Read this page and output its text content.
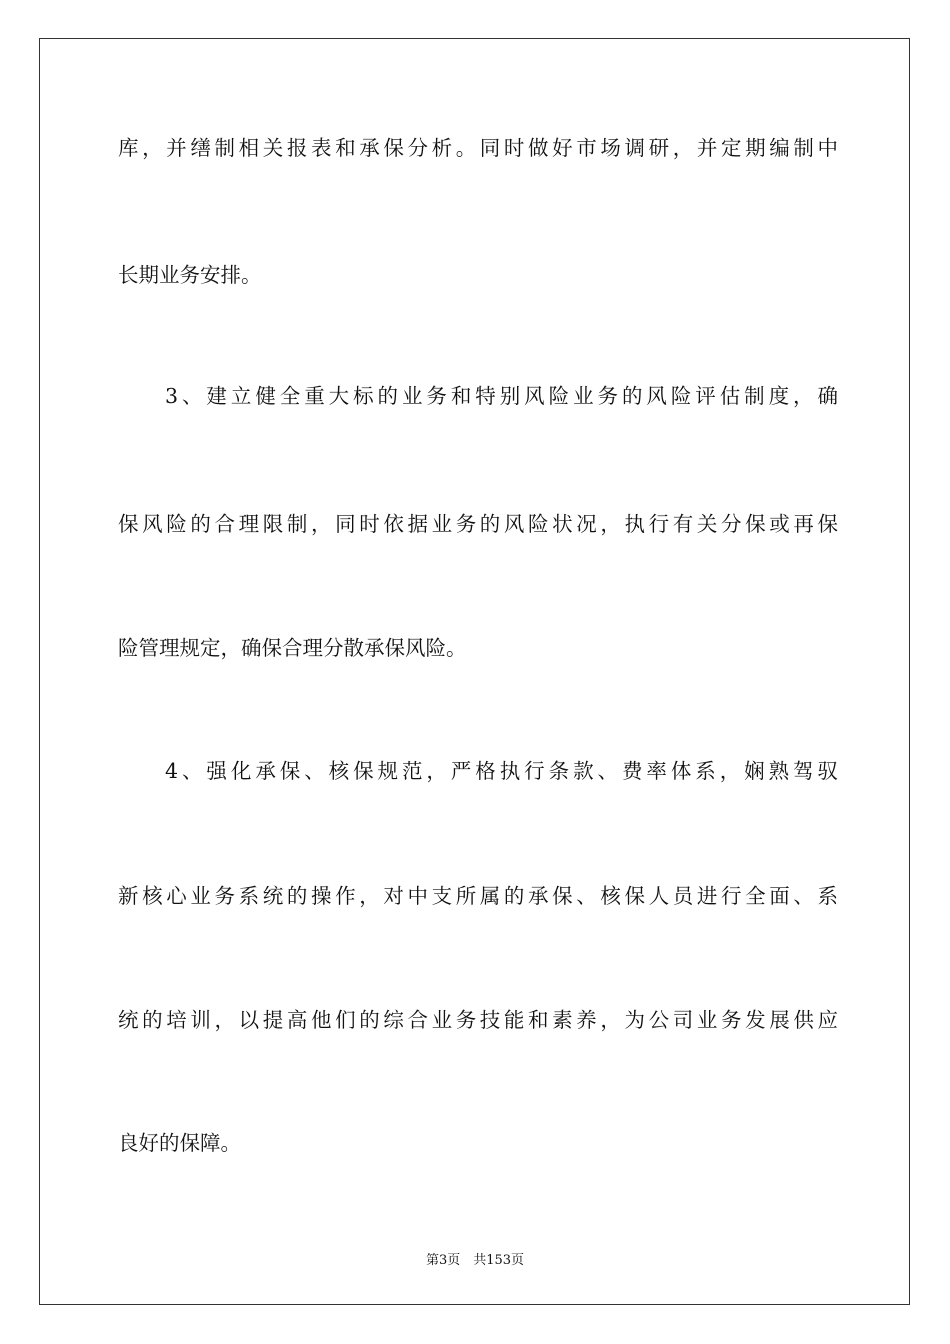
库，并缮制相关报表和承保分析。同时做好市场调研，并定期编制中
长期业务安排。
3、建立健全重大标的业务和特别风险业务的风险评估制度，确
保风险的合理限制，同时依据业务的风险状况，执行有关分保或再保
险管理规定，确保合理分散承保风险。
4、强化承保、核保规范，严格执行条款、费率体系，娴熟驾驭
新核心业务系统的操作，对中支所属的承保、核保人员进行全面、系
统的培训，以提高他们的综合业务技能和素养，为公司业务发展供应
良好的保障。
第3页　共153页
